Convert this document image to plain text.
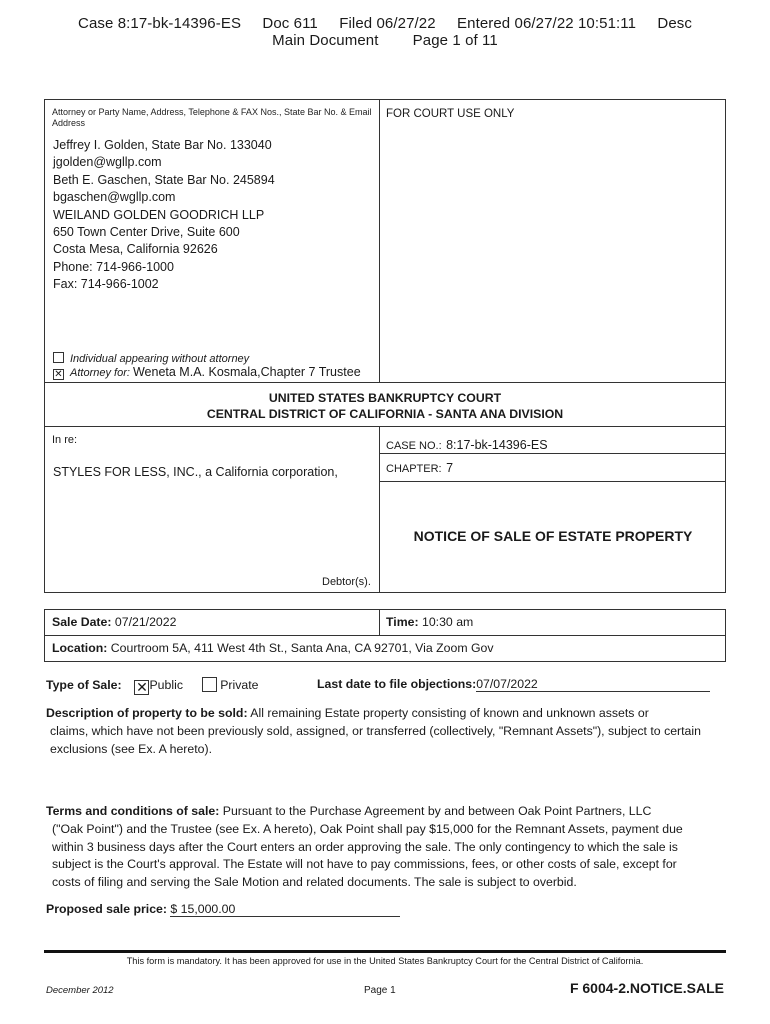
Case 8:17-bk-14396-ES Doc 611 Filed 06/27/22 Entered 06/27/22 10:51:11 Desc
Main Document Page 1 of 11
Attorney or Party Name, Address, Telephone & FAX Nos., State Bar No. & Email Address
Jeffrey I. Golden, State Bar No. 133040
jgolden@wgllp.com
Beth E. Gaschen, State Bar No. 245894
bgaschen@wgllp.com
WEILAND GOLDEN GOODRICH LLP
650 Town Center Drive, Suite 600
Costa Mesa, California 92626
Phone: 714-966-1000
Fax: 714-966-1002
Individual appearing without attorney
✕ Attorney for: Weneta M.A. Kosmala,Chapter 7 Trustee
FOR COURT USE ONLY
UNITED STATES BANKRUPTCY COURT
CENTRAL DISTRICT OF CALIFORNIA - SANTA ANA DIVISION
In re:
STYLES FOR LESS, INC., a California corporation,
Debtor(s).
CASE NO.: 8:17-bk-14396-ES
CHAPTER: 7
NOTICE OF SALE OF ESTATE PROPERTY
Sale Date: 07/21/2022	Time: 10:30 am
Location: Courtroom 5A, 411 West 4th St., Santa Ana, CA 92701, Via Zoom Gov
Type of Sale: ✕ Public	Private	Last date to file objections:07/07/2022
Description of property to be sold: All remaining Estate property consisting of known and unknown assets or
claims, which have not been previously sold, assigned, or transferred (collectively, "Remnant Assets"), subject to certain
exclusions (see Ex. A hereto).
Terms and conditions of sale: Pursuant to the Purchase Agreement by and between Oak Point Partners, LLC
("Oak Point") and the Trustee (see Ex. A hereto), Oak Point shall pay $15,000 for the Remnant Assets, payment due
within 3 business days after the Court enters an order approving the sale. The only contingency to which the sale is
subject is the Court's approval. The Estate will not have to pay commissions, fees, or other costs of sale, except for
costs of filing and serving the Sale Motion and related documents. The sale is subject to overbid.
Proposed sale price: $ 15,000.00
This form is mandatory. It has been approved for use in the United States Bankruptcy Court for the Central District of California.
December 2012	Page 1	F 6004-2.NOTICE.SALE
